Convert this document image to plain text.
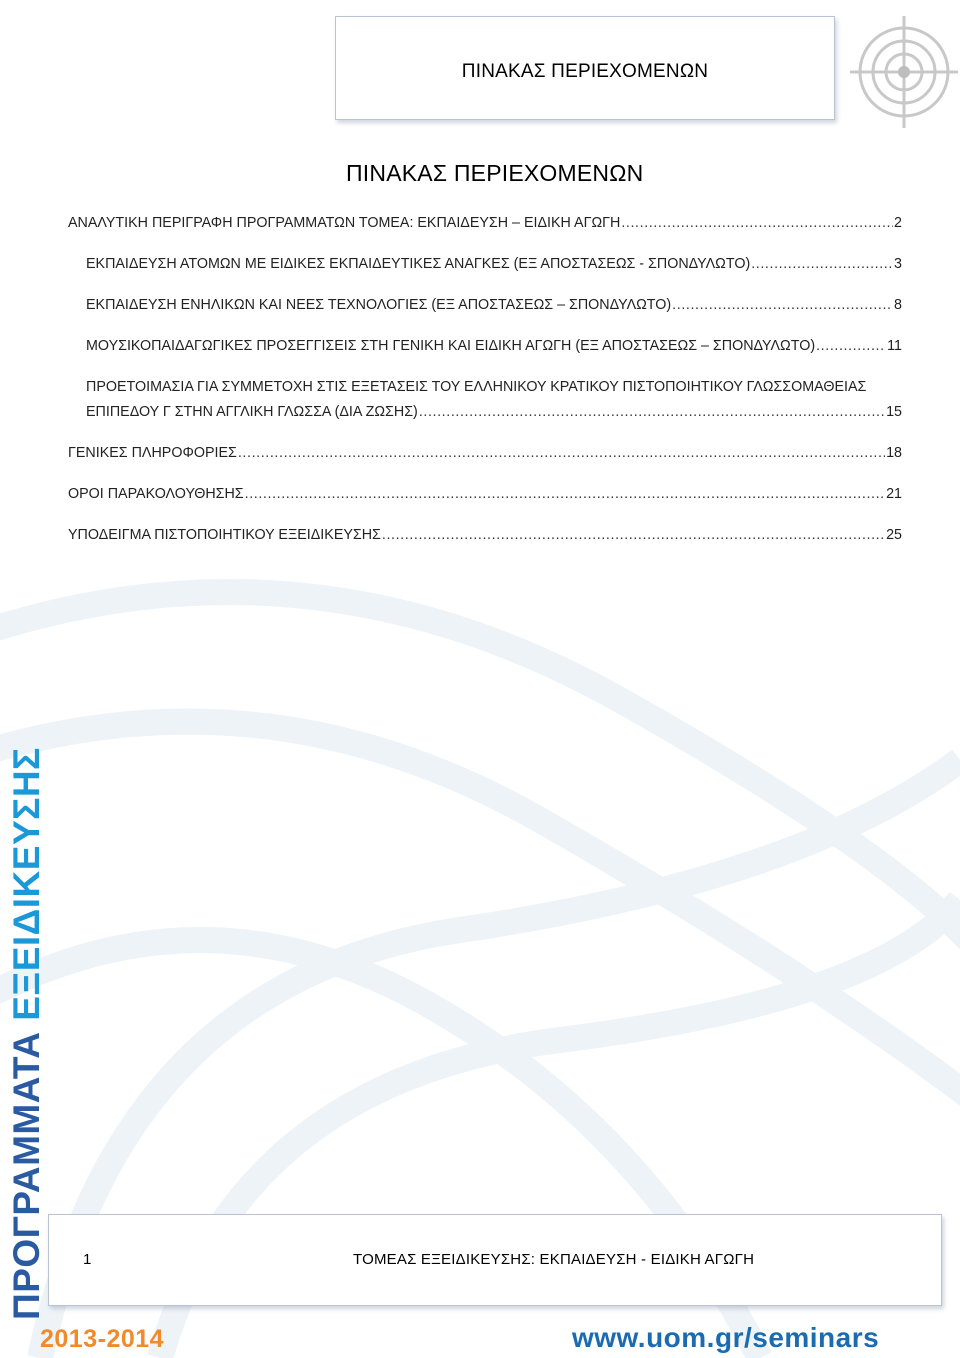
ΠΙΝΑΚΑΣ ΠΕΡΙΕΧΟΜΕΝΩΝ
ΠΙΝΑΚΑΣ ΠΕΡΙΕΧΟΜΕΝΩΝ
ΑΝΑΛΥΤΙΚΗ ΠΕΡΙΓΡΑΦΗ ΠΡΟΓΡΑΜΜΑΤΩΝ ΤΟΜΕΑ: ΕΚΠΑΙΔΕΥΣΗ – ΕΙΔΙΚΗ ΑΓΩΓΗ .....	2
ΕΚΠΑΙΔΕΥΣΗ ΑΤΟΜΩΝ ΜΕ ΕΙΔΙΚΕΣ ΕΚΠΑΙΔΕΥΤΙΚΕΣ ΑΝΑΓΚΕΣ (ΕΞ ΑΠΟΣΤΑΣΕΩΣ - ΣΠΟΝΔΥΛΩΤΟ) .....	3
ΕΚΠΑΙΔΕΥΣΗ ΕΝΗΛΙΚΩΝ ΚΑΙ ΝΕΕΣ ΤΕΧΝΟΛΟΓΙΕΣ (ΕΞ ΑΠΟΣΤΑΣΕΩΣ – ΣΠΟΝΔΥΛΩΤΟ) .....	8
ΜΟΥΣΙΚΟΠΑΙΔΑΓΩΓΙΚΕΣ ΠΡΟΣΕΓΓΙΣΕΙΣ ΣΤΗ ΓΕΝΙΚΗ ΚΑΙ ΕΙΔΙΚΗ ΑΓΩΓΗ (ΕΞ ΑΠΟΣΤΑΣΕΩΣ – ΣΠΟΝΔΥΛΩΤΟ) .....	11
ΠΡΟΕΤΟΙΜΑΣΙΑ ΓΙΑ ΣΥΜΜΕΤΟΧΗ ΣΤΙΣ ΕΞΕΤΑΣΕΙΣ ΤΟΥ ΕΛΛΗΝΙΚΟΥ ΚΡΑΤΙΚΟΥ ΠΙΣΤΟΠΟΙΗΤΙΚΟΥ ΓΛΩΣΣΟΜΑΘΕΙΑΣ
ΕΠΙΠΕΔΟΥ Γ ΣΤΗΝ ΑΓΓΛΙΚΗ ΓΛΩΣΣΑ (ΔΙΑ ΖΩΣΗΣ) .....	15
ΓΕΝΙΚΕΣ ΠΛΗΡΟΦΟΡΙΕΣ .....	18
ΟΡΟΙ ΠΑΡΑΚΟΛΟΥΘΗΣΗΣ .....	21
ΥΠΟΔΕΙΓΜΑ ΠΙΣΤΟΠΟΙΗΤΙΚΟΥ ΕΞΕΙΔΙΚΕΥΣΗΣ .....	25
ΠΡΟΓΡΑΜΜΑΤΑ ΕΞΕΙΔΙΚΕΥΣΗΣ
1	ΤΟΜΕΑΣ ΕΞΕΙΔΙΚΕΥΣΗΣ: ΕΚΠΑΙΔΕΥΣΗ - ΕΙΔΙΚΗ ΑΓΩΓΗ
2013-2014	www.uom.gr/seminars
